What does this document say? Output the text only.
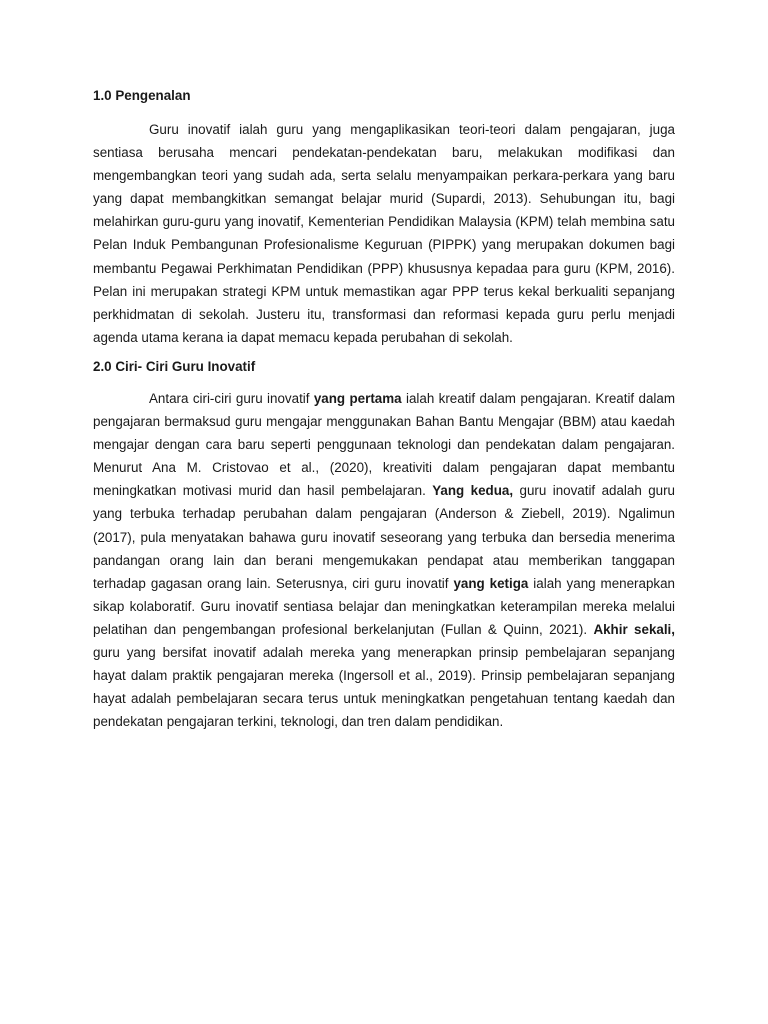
1.0 Pengenalan

Guru inovatif ialah guru yang mengaplikasikan teori-teori dalam pengajaran, juga sentiasa berusaha mencari pendekatan-pendekatan baru, melakukan modifikasi dan mengembangkan teori yang sudah ada, serta selalu menyampaikan perkara-perkara yang baru yang dapat membangkitkan semangat belajar murid (Supardi, 2013). Sehubungan itu, bagi melahirkan guru-guru yang inovatif, Kementerian Pendidikan Malaysia (KPM) telah membina satu Pelan Induk Pembangunan Profesionalisme Keguruan (PIPPK) yang merupakan dokumen bagi membantu Pegawai Perkhimatan Pendidikan (PPP) khususnya kepadaa para guru (KPM, 2016). Pelan ini merupakan strategi KPM untuk memastikan agar PPP terus kekal berkualiti sepanjang perkhidmatan di sekolah. Justeru itu, transformasi dan reformasi kepada guru perlu menjadi agenda utama kerana ia dapat memacu kepada perubahan di sekolah.

2.0 Ciri- Ciri Guru Inovatif

Antara ciri-ciri guru inovatif yang pertama ialah kreatif dalam pengajaran. Kreatif dalam pengajaran bermaksud guru mengajar menggunakan Bahan Bantu Mengajar (BBM) atau kaedah mengajar dengan cara baru seperti penggunaan teknologi dan pendekatan dalam pengajaran. Menurut Ana M. Cristovao et al., (2020), kreativiti dalam pengajaran dapat membantu meningkatkan motivasi murid dan hasil pembelajaran. Yang kedua, guru inovatif adalah guru yang terbuka terhadap perubahan dalam pengajaran (Anderson & Ziebell, 2019). Ngalimun (2017), pula menyatakan bahawa guru inovatif seseorang yang terbuka dan bersedia menerima pandangan orang lain dan berani mengemukakan pendapat atau memberikan tanggapan terhadap gagasan orang lain. Seterusnya, ciri guru inovatif yang ketiga ialah yang menerapkan sikap kolaboratif. Guru inovatif sentiasa belajar dan meningkatkan keterampilan mereka melalui pelatihan dan pengembangan profesional berkelanjutan (Fullan & Quinn, 2021). Akhir sekali, guru yang bersifat inovatif adalah mereka yang menerapkan prinsip pembelajaran sepanjang hayat dalam praktik pengajaran mereka (Ingersoll et al., 2019). Prinsip pembelajaran sepanjang hayat adalah pembelajaran secara terus untuk meningkatkan pengetahuan tentang kaedah dan pendekatan pengajaran terkini, teknologi, dan tren dalam pendidikan.
